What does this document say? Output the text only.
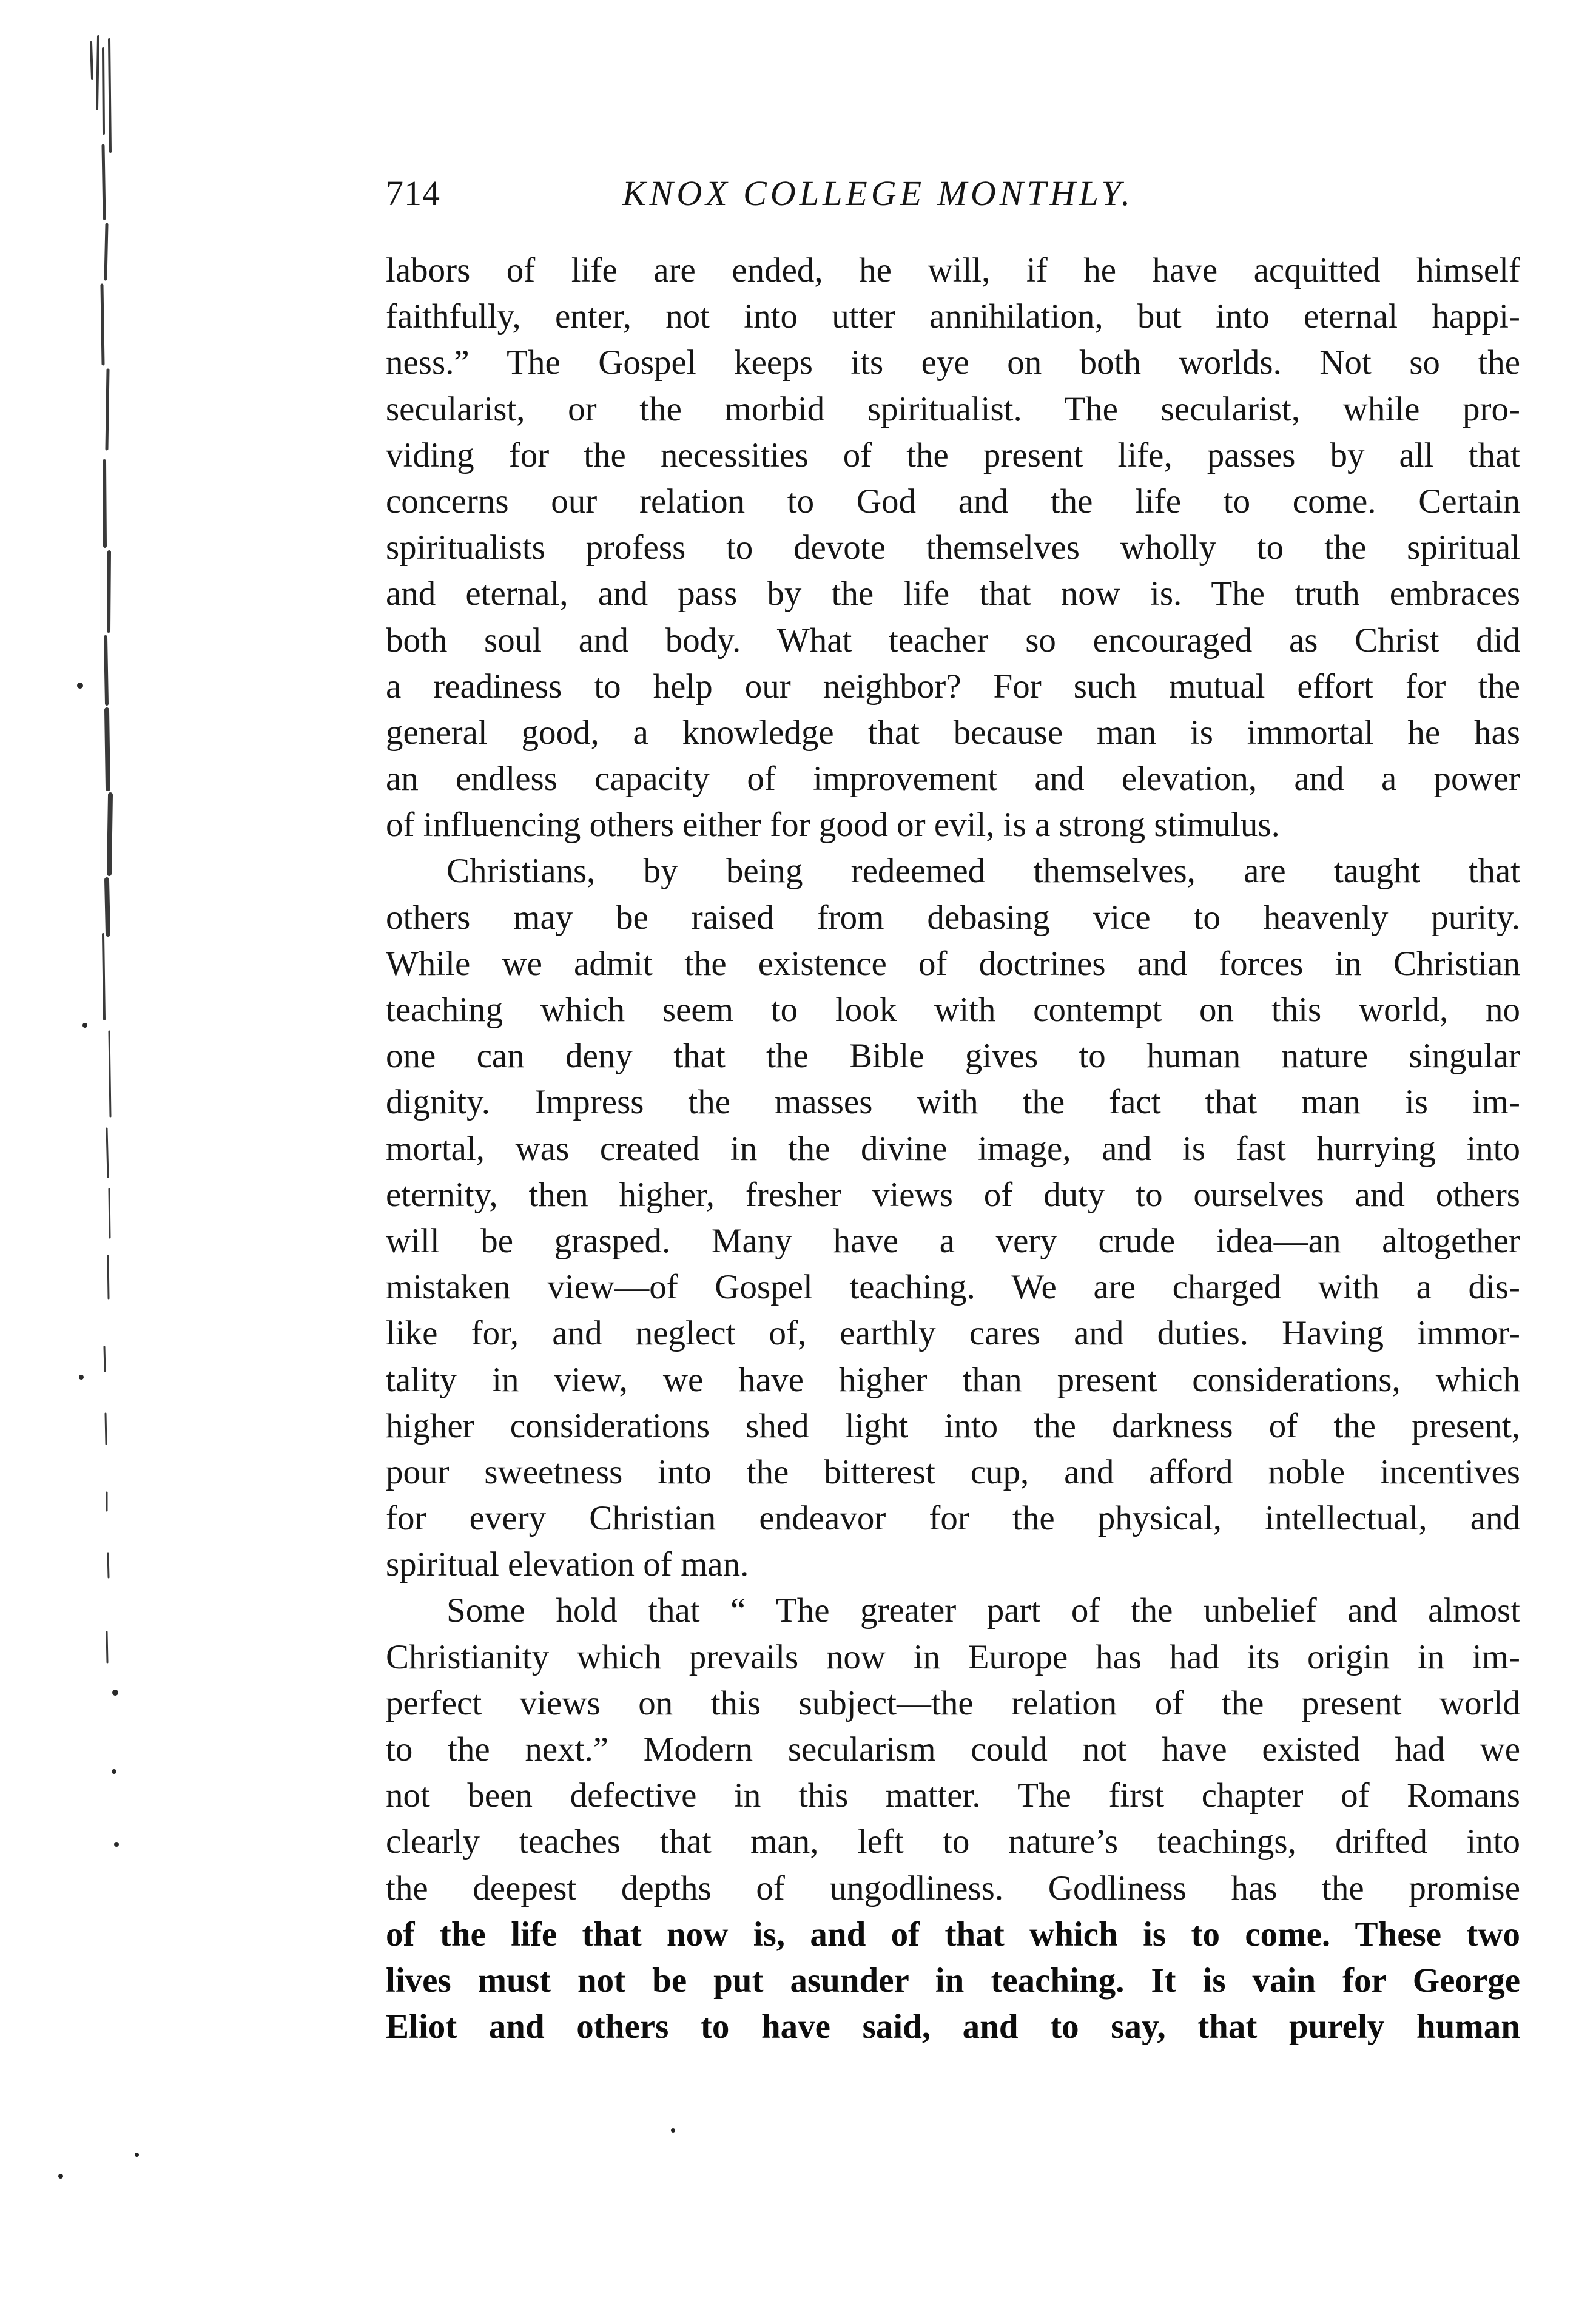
714	KNOX COLLEGE MONTHLY.
labors of life are ended, he will, if he have acquitted himself
faithfully, enter, not into utter annihilation, but into eternal happi-
ness.” The Gospel keeps its eye on both worlds. Not so the
secularist, or the morbid spiritualist. The secularist, while pro-
viding for the necessities of the present life, passes by all that
concerns our relation to God and the life to come. Certain
spiritualists profess to devote themselves wholly to the spiritual
and eternal, and pass by the life that now is. The truth embraces
both soul and body. What teacher so encouraged as Christ did
a readiness to help our neighbor? For such mutual effort for the
general good, a knowledge that because man is immortal he has
an endless capacity of improvement and elevation, and a power
of influencing others either for good or evil, is a strong stimulus.
Christians, by being redeemed themselves, are taught that
others may be raised from debasing vice to heavenly purity.
While we admit the existence of doctrines and forces in Christian
teaching which seem to look with contempt on this world, no
one can deny that the Bible gives to human nature singular
dignity. Impress the masses with the fact that man is im-
mortal, was created in the divine image, and is fast hurrying into
eternity, then higher, fresher views of duty to ourselves and others
will be grasped. Many have a very crude idea—an altogether
mistaken view—of Gospel teaching. We are charged with a dis-
like for, and neglect of, earthly cares and duties. Having immor-
tality in view, we have higher than present considerations, which
higher considerations shed light into the darkness of the present,
pour sweetness into the bitterest cup, and afford noble incentives
for every Christian endeavor for the physical, intellectual, and
spiritual elevation of man.
Some hold that “ The greater part of the unbelief and almost
Christianity which prevails now in Europe has had its origin in im-
perfect views on this subject—the relation of the present world
to the next.” Modern secularism could not have existed had we
not been defective in this matter. The first chapter of Romans
clearly teaches that man, left to nature’s teachings, drifted into
the deepest depths of ungodliness. Godliness has the promise
of the life that now is, and of that which is to come. These two
lives must not be put asunder in teaching. It is vain for George
Eliot and others to have said, and to say, that purely human
